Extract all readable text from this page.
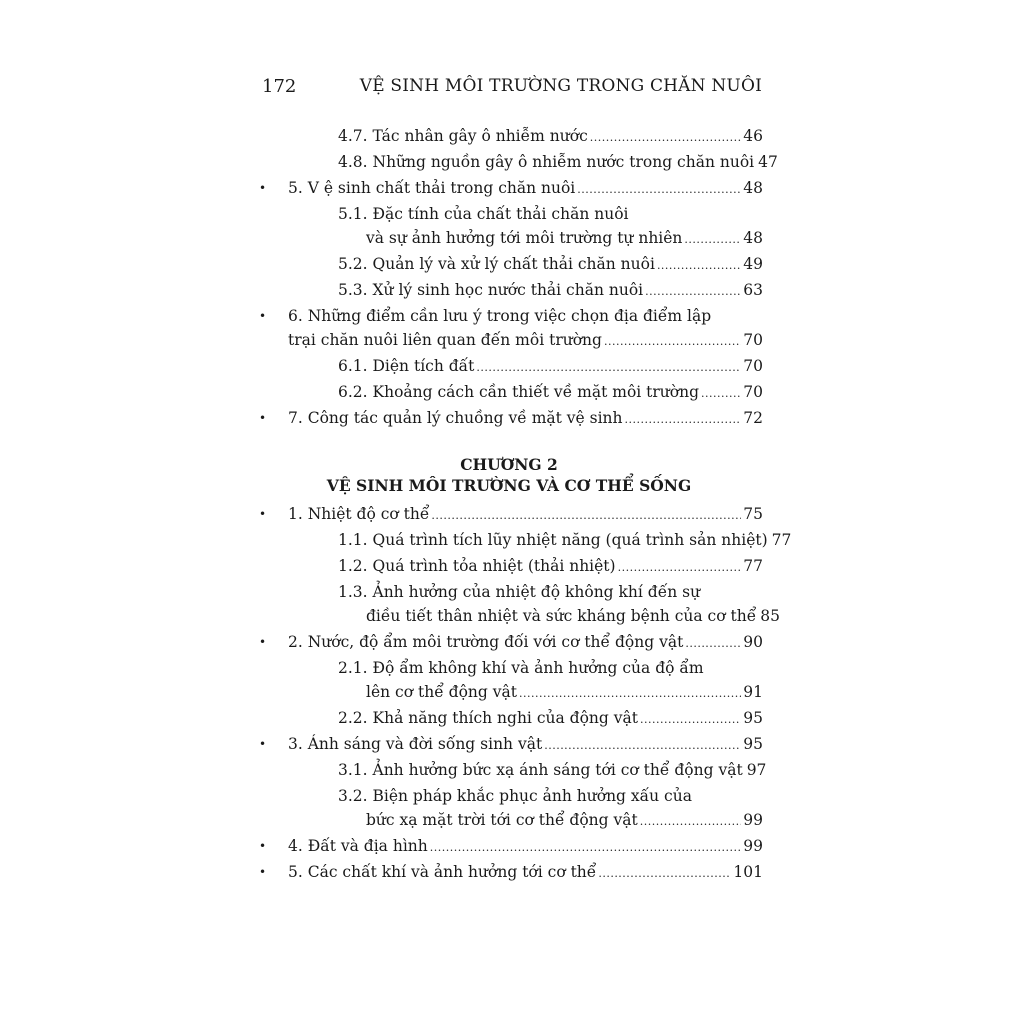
172	VỆ SINH MÔI TRƯỜNG TRONG CHĂN NUÔI
4.7. Tác nhân gây ô nhiễm nước .....	46
4.8. Những nguồn gây ô nhiễm nước trong chăn nuôi 47
• 5. V ệ sinh chất thải trong chăn nuôi .....	48
5.1. Đặc tính của chất thải chăn nuôi
và sự ảnh hưởng tới môi trường tự nhiên .....	48
5.2. Quản lý và xử lý chất thải chăn nuôi .....	49
5.3. Xử lý sinh học nước thải chăn nuôi .....	63
• 6. Những điểm cần lưu ý trong việc chọn địa điểm lập
trại chăn nuôi liên quan đến môi trường .....	70
6.1. Diện tích đất .....	70
6.2. Khoảng cách cần thiết về mặt môi trường .....	70
• 7. Công tác quản lý chuồng về mặt vệ sinh .....	72
CHƯƠNG 2
VỆ SINH MÔI TRƯỜNG VÀ CƠ THỂ SỐNG
• 1. Nhiệt độ cơ thể .....	75
1.1. Quá trình tích lũy nhiệt năng (quá trình sản nhiệt) 77
1.2. Quá trình tỏa nhiệt (thải nhiệt) .....	77
1.3. Ảnh hưởng của nhiệt độ không khí đến sự
điều tiết thân nhiệt và sức kháng bệnh của cơ thể 85
• 2. Nước, độ ẩm môi trường đối với cơ thể động vật .....	90
2.1. Độ ẩm không khí và ảnh hưởng của độ ẩm
lên cơ thể động vật .....	91
2.2. Khả năng thích nghi của động vật .....	95
• 3. Ánh sáng và đời sống sinh vật .....	95
3.1. Ảnh hưởng bức xạ ánh sáng tới cơ thể động vật 97
3.2. Biện pháp khắc phục ảnh hưởng xấu của
bức xạ mặt trời tới cơ thể động vật .....	99
• 4. Đất và địa hình .....	99
• 5. Các chất khí và ảnh hưởng tới cơ thể .....	101
